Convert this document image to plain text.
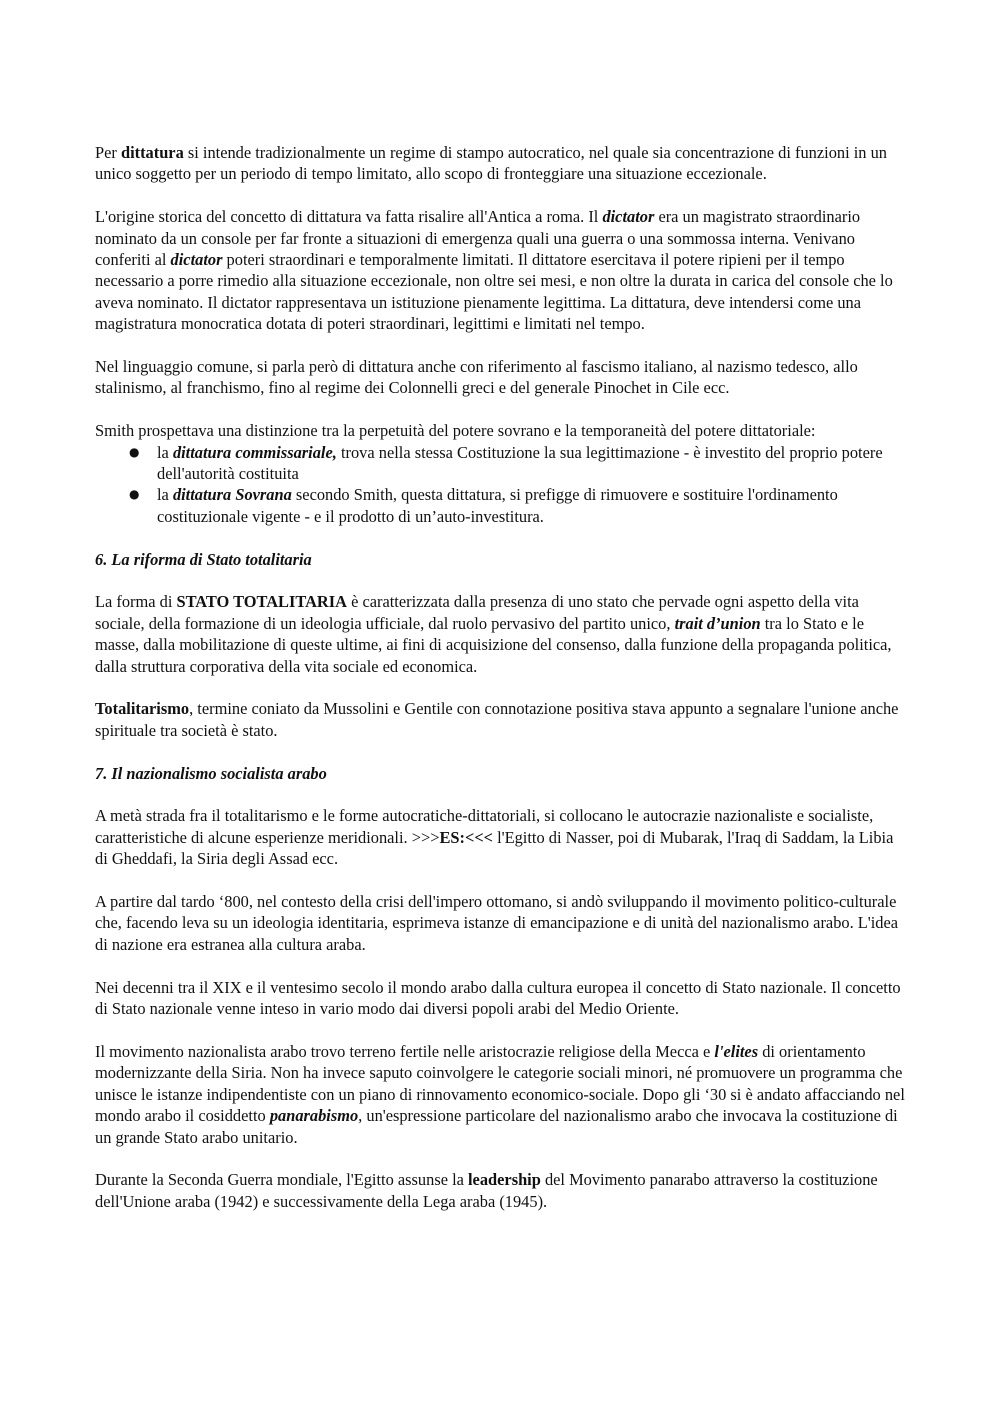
Per dittatura si intende tradizionalmente un regime di stampo autocratico, nel quale sia concentrazione di funzioni in un unico soggetto per un periodo di tempo limitato, allo scopo di fronteggiare una situazione eccezionale.

L'origine storica del concetto di dittatura va fatta risalire all'Antica a roma. Il dictator era un magistrato straordinario nominato da un console per far fronte a situazioni di emergenza quali una guerra o una sommossa interna. Venivano conferiti al dictator poteri straordinari e temporalmente limitati. Il dittatore esercitava il potere ripieni per il tempo necessario a porre rimedio alla situazione eccezionale, non oltre sei mesi, e non oltre la durata in carica del console che lo aveva nominato. Il dictator rappresentava un istituzione pienamente legittima. La dittatura, deve intendersi come una magistratura monocratica dotata di poteri straordinari, legittimi e limitati nel tempo.

Nel linguaggio comune, si parla però di dittatura anche con riferimento al fascismo italiano, al nazismo tedesco, allo stalinismo, al franchismo, fino al regime dei Colonnelli greci e del generale Pinochet in Cile ecc.

Smith prospettava una distinzione tra la perpetuità del potere sovrano e la temporaneità del potere dittatoriale:

● la dittatura commissariale, trova nella stessa Costituzione la sua legittimazione - è investito del proprio potere dell'autorità costituita
● la dittatura Sovrana secondo Smith, questa dittatura, si prefigge di rimuovere e sostituire l'ordinamento costituzionale vigente - e il prodotto di un’auto-investitura.
6. La riforma di Stato totalitaria

La forma di STATO TOTALITARIA è caratterizzata dalla presenza di uno stato che pervade ogni aspetto della vita sociale, della formazione di un ideologia ufficiale, dal ruolo pervasivo del partito unico, trait d’union tra lo Stato e le masse, dalla mobilitazione di queste ultime, ai fini di acquisizione del consenso, dalla funzione della propaganda politica, dalla struttura corporativa della vita sociale ed economica.

Totalitarismo, termine coniato da Mussolini e Gentile con connotazione positiva stava appunto a segnalare l'unione anche spirituale tra società è stato.

7. Il nazionalismo socialista arabo

A metà strada fra il totalitarismo e le forme autocratiche-dittatoriali, si collocano le autocrazie nazionaliste e socialiste, caratteristiche di alcune esperienze meridionali. >>>ES:<<< l'Egitto di Nasser, poi di Mubarak, l'Iraq di Saddam, la Libia di Gheddafi, la Siria degli Assad ecc.

A partire dal tardo ‘800, nel contesto della crisi dell'impero ottomano, si andò sviluppando il movimento politico-culturale che, facendo leva su un ideologia identitaria, esprimeva istanze di emancipazione e di unità del nazionalismo arabo. L'idea di nazione era estranea alla cultura araba.

Nei decenni tra il XIX e il ventesimo secolo il mondo arabo dalla cultura europea il concetto di Stato nazionale. Il concetto di Stato nazionale venne inteso in vario modo dai diversi popoli arabi del Medio Oriente.

Il movimento nazionalista arabo trovo terreno fertile nelle aristocrazie religiose della Mecca e l'elites di orientamento modernizzante della Siria. Non ha invece saputo coinvolgere le categorie sociali minori, né promuovere un programma che unisce le istanze indipendentiste con un piano di rinnovamento economico-sociale. Dopo gli ‘30 si è andato affacciando nel mondo arabo il cosiddetto panarabismo, un'espressione particolare del nazionalismo arabo che invocava la costituzione di un grande Stato arabo unitario.

Durante la Seconda Guerra mondiale, l'Egitto assunse la leadership del Movimento panarabo attraverso la costituzione dell'Unione araba (1942) e successivamente della Lega araba (1945).
